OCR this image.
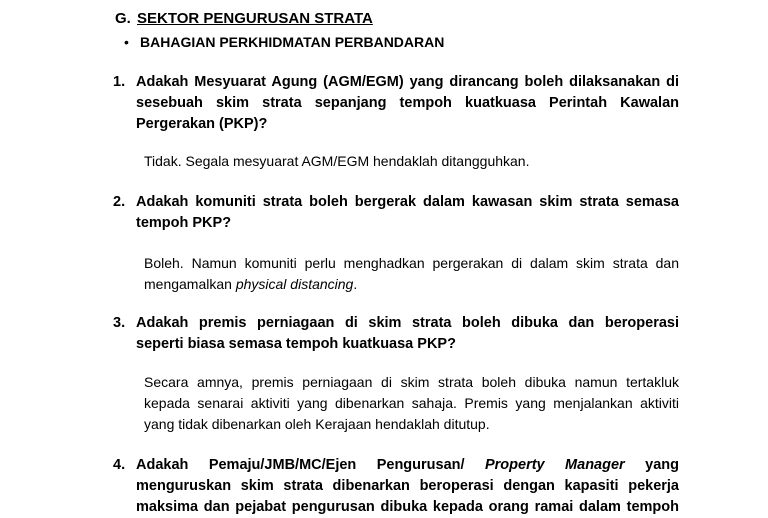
G. SEKTOR PENGURUSAN STRATA
• BAHAGIAN PERKHIDMATAN PERBANDARAN
1. Adakah Mesyuarat Agung (AGM/EGM) yang dirancang boleh dilaksanakan di
sesebuah skim strata sepanjang tempoh kuatkuasa Perintah Kawalan
Pergerakan (PKP)?
Tidak. Segala mesyuarat AGM/EGM hendaklah ditangguhkan.
2. Adakah komuniti strata boleh bergerak dalam kawasan skim strata semasa
tempoh PKP?
Boleh. Namun komuniti perlu menghadkan pergerakan di dalam skim strata dan
mengamalkan physical distancing.
3. Adakah premis perniagaan di skim strata boleh dibuka dan beroperasi
seperti biasa semasa tempoh kuatkuasa PKP?
Secara amnya, premis perniagaan di skim strata boleh dibuka namun tertakluk
kepada senarai aktiviti yang dibenarkan sahaja. Premis yang menjalankan aktiviti
yang tidak dibenarkan oleh Kerajaan hendaklah ditutup.
4. Adakah Pemaju/JMB/MC/Ejen Pengurusan/ Property Manager yang
menguruskan skim strata dibenarkan beroperasi dengan kapasiti pekerja
maksima dan pejabat pengurusan dibuka kepada orang ramai dalam tempoh
